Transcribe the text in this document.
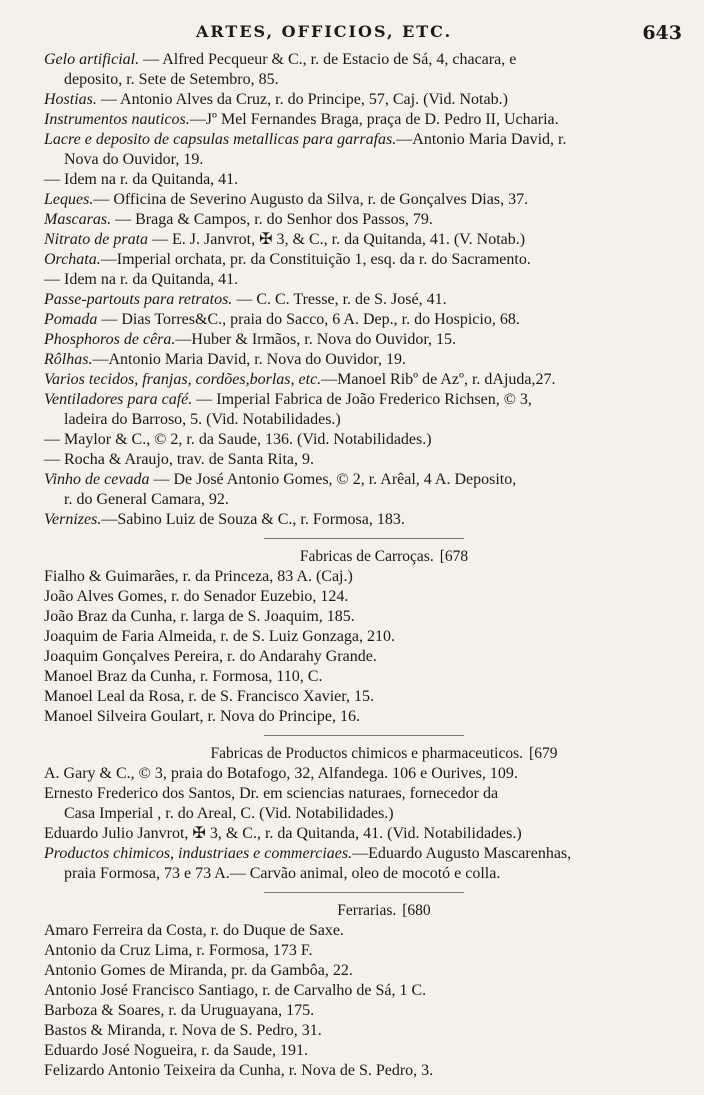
ARTES, OFFICIOS, ETC.	643
Gelo artificial. — Alfred Pecqueur & C., r. de Estacio de Sá, 4, chacara, e
deposito, r. Sete de Setembro, 85.
Hostias. — Antonio Alves da Cruz, r. do Principe, 57, Caj. (Vid. Notab.)
Instrumentos nauticos.—Jº Mel Fernandes Braga, praça de D. Pedro II, Ucharia.
Lacre e deposito de capsulas metallicas para garrafas.—Antonio Maria David, r.
Nova do Ouvidor, 19.
— Idem na r. da Quitanda, 41.
Leques.— Officina de Severino Augusto da Silva, r. de Gonçalves Dias, 37.
Mascaras. — Braga & Campos, r. do Senhor dos Passos, 79.
Nitrato de prata — E. J. Janvrot, ✠ 3, & C., r. da Quitanda, 41. (V. Notab.)
Orchata.—Imperial orchata, pr. da Constituição 1, esq. da r. do Sacramento.
— Idem na r. da Quitanda, 41.
Passe-partouts para retratos. — C. C. Tresse, r. de S. José, 41.
Pomada — Dias Torres&C., praia do Sacco, 6 A. Dep., r. do Hospicio, 68.
Phosphoros de cêra.—Huber & Irmãos, r. Nova do Ouvidor, 15.
Rôlhas.—Antonio Maria David, r. Nova do Ouvidor, 19.
Varios tecidos, franjas, cordões,borlas, etc.—Manoel Ribº de Azº, r. dAjuda,27.
Ventiladores para café. — Imperial Fabrica de João Frederico Richsen, © 3,
ladeira do Barroso, 5. (Vid. Notabilidades.)
— Maylor & C., © 2, r. da Saude, 136. (Vid. Notabilidades.)
— Rocha & Araujo, trav. de Santa Rita, 9.
Vinho de cevada — De José Antonio Gomes, © 2, r. Arêal, 4 A. Deposito,
r. do General Camara, 92.
Vernizes.—Sabino Luiz de Souza & C., r. Formosa, 183.
Fabricas de Carroças. [678
Fialho & Guimarães, r. da Princeza, 83 A. (Caj.)
João Alves Gomes, r. do Senador Euzebio, 124.
João Braz da Cunha, r. larga de S. Joaquim, 185.
Joaquim de Faria Almeida, r. de S. Luiz Gonzaga, 210.
Joaquim Gonçalves Pereira, r. do Andarahy Grande.
Manoel Braz da Cunha, r. Formosa, 110, C.
Manoel Leal da Rosa, r. de S. Francisco Xavier, 15.
Manoel Silveira Goulart, r. Nova do Principe, 16.
Fabricas de Productos chimicos e pharmaceuticos. [679
A. Gary & C., © 3, praia do Botafogo, 32, Alfandega. 106 e Ourives, 109.
Ernesto Frederico dos Santos, Dr. em sciencias naturaes, fornecedor da
Casa Imperial , r. do Areal, C. (Vid. Notabilidades.)
Eduardo Julio Janvrot, ✠ 3, & C., r. da Quitanda, 41. (Vid. Notabilidades.)
Productos chimicos, industriaes e commerciaes.—Eduardo Augusto Mascarenhas,
praia Formosa, 73 e 73 A.— Carvão animal, oleo de mocotó e colla.
Ferrarias. [680
Amaro Ferreira da Costa, r. do Duque de Saxe.
Antonio da Cruz Lima, r. Formosa, 173 F.
Antonio Gomes de Miranda, pr. da Gambôa, 22.
Antonio José Francisco Santiago, r. de Carvalho de Sá, 1 C.
Barboza & Soares, r. da Uruguayana, 175.
Bastos & Miranda, r. Nova de S. Pedro, 31.
Eduardo José Nogueira, r. da Saude, 191.
Felizardo Antonio Teixeira da Cunha, r. Nova de S. Pedro, 3.
